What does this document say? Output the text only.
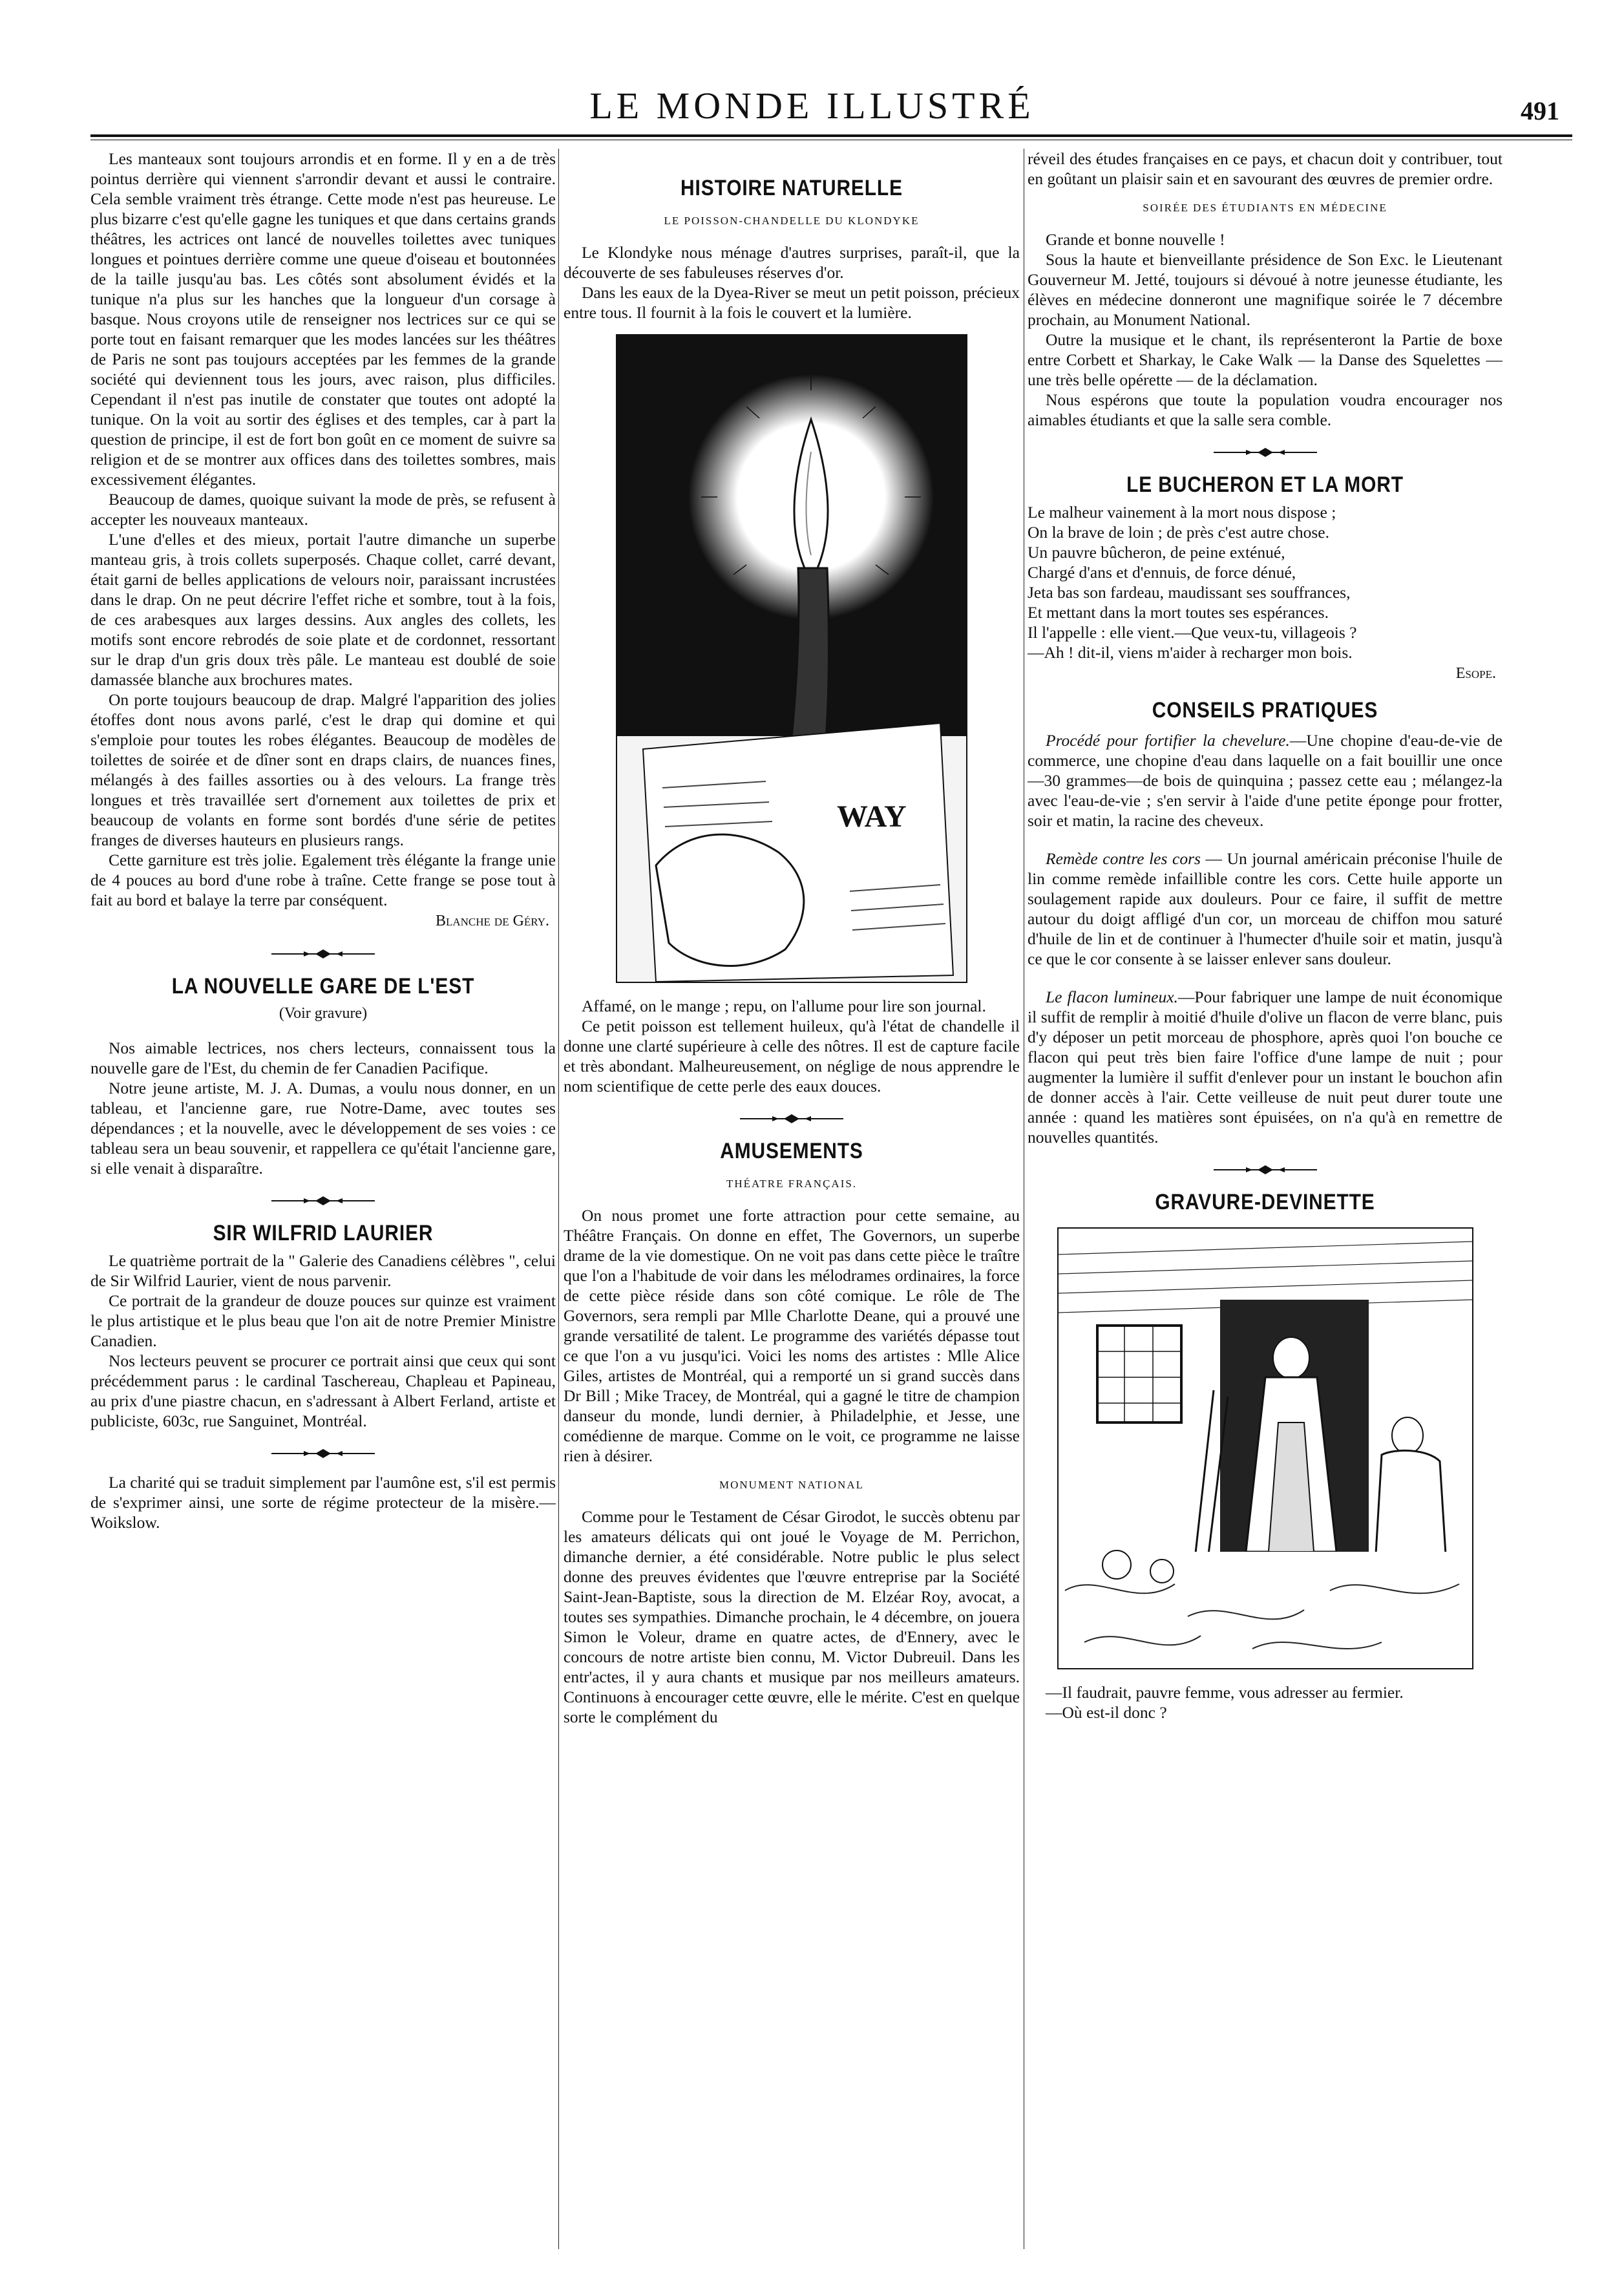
LE MONDE ILLUSTRÉ	491

Les manteaux sont toujours arrondis et en forme. Il y en a de très pointus derrière qui viennent s'arrondir devant et aussi le contraire. Cela semble vraiment très étrange. Cette mode n'est pas heureuse. Le plus bizarre c'est qu'elle gagne les tuniques et que dans certains grands théâtres, les actrices ont lancé de nouvelles toilettes avec tuniques longues et pointues derrière comme une queue d'oiseau et boutonnées de la taille jusqu'au bas. Les côtés sont absolument évidés et la tunique n'a plus sur les hanches que la longueur d'un corsage à basque. Nous croyons utile de renseigner nos lectrices sur ce qui se porte tout en faisant remarquer que les modes lancées sur les théâtres de Paris ne sont pas toujours acceptées par les femmes de la grande société qui deviennent tous les jours, avec raison, plus difficiles. Cependant il n'est pas inutile de constater que toutes ont adopté la tunique. On la voit au sortir des églises et des temples, car à part la question de principe, il est de fort bon goût en ce moment de suivre sa religion et de se montrer aux offices dans des toilettes sombres, mais excessivement élégantes.

Beaucoup de dames, quoique suivant la mode de près, se refusent à accepter les nouveaux manteaux.

L'une d'elles et des mieux, portait l'autre dimanche un superbe manteau gris, à trois collets superposés. Chaque collet, carré devant, était garni de belles applications de velours noir, paraissant incrustées dans le drap. On ne peut décrire l'effet riche et sombre, tout à la fois, de ces arabesques aux larges dessins. Aux angles des collets, les motifs sont encore rebrodés de soie plate et de cordonnet, ressortant sur le drap d'un gris doux très pâle. Le manteau est doublé de soie damassée blanche aux brochures mates.

On porte toujours beaucoup de drap. Malgré l'apparition des jolies étoffes dont nous avons parlé, c'est le drap qui domine et qui s'emploie pour toutes les robes élégantes. Beaucoup de modèles de toilettes de soirée et de dîner sont en draps clairs, de nuances fines, mélangés à des failles assorties ou à des velours. La frange très longues et très travaillée sert d'ornement aux toilettes de prix et beaucoup de volants en forme sont bordés d'une série de petites franges de diverses hauteurs en plusieurs rangs.

Cette garniture est très jolie. Egalement très élégante la frange unie de 4 pouces au bord d'une robe à traîne. Cette frange se pose tout à fait au bord et balaye la terre par conséquent.

Blanche de Géry.
LA NOUVELLE GARE DE L'EST
(Voir gravure)

Nos aimable lectrices, nos chers lecteurs, connaissent tous la nouvelle gare de l'Est, du chemin de fer Canadien Pacifique.

Notre jeune artiste, M. J. A. Dumas, a voulu nous donner, en un tableau, et l'ancienne gare, rue Notre-Dame, avec toutes ses dépendances ; et la nouvelle, avec le développement de ses voies : ce tableau sera un beau souvenir, et rappellera ce qu'était l'ancienne gare, si elle venait à disparaître.

SIR WILFRID LAURIER

Le quatrième portrait de la " Galerie des Canadiens célèbres ", celui de Sir Wilfrid Laurier, vient de nous parvenir.

Ce portrait de la grandeur de douze pouces sur quinze est vraiment le plus artistique et le plus beau que l'on ait de notre Premier Ministre Canadien.

Nos lecteurs peuvent se procurer ce portrait ainsi que ceux qui sont précédemment parus : le cardinal Taschereau, Chapleau et Papineau, au prix d'une piastre chacun, en s'adressant à Albert Ferland, artiste et publiciste, 603c, rue Sanguinet, Montréal.

La charité qui se traduit simplement par l'aumône est, s'il est permis de s'exprimer ainsi, une sorte de régime protecteur de la misère.—Woikslow.

HISTOIRE NATURELLE
LE POISSON-CHANDELLE DU KLONDYKE

Le Klondyke nous ménage d'autres surprises, paraît-il, que la découverte de ses fabuleuses réserves d'or.

Dans les eaux de la Dyea-River se meut un petit poisson, précieux entre tous. Il fournit à la fois le couvert et la lumière.

WAY

Affamé, on le mange ; repu, on l'allume pour lire son journal.

Ce petit poisson est tellement huileux, qu'à l'état de chandelle il donne une clarté supérieure à celle des nôtres. Il est de capture facile et très abondant. Malheureusement, on néglige de nous apprendre le nom scientifique de cette perle des eaux douces.

AMUSEMENTS
THÉATRE FRANÇAIS.

On nous promet une forte attraction pour cette semaine, au Théâtre Français. On donne en effet, The Governors, un superbe drame de la vie domestique. On ne voit pas dans cette pièce le traître que l'on a l'habitude de voir dans les mélodrames ordinaires, la force de cette pièce réside dans son côté comique. Le rôle de The Governors, sera rempli par Mlle Charlotte Deane, qui a prouvé une grande versatilité de talent. Le programme des variétés dépasse tout ce que l'on a vu jusqu'ici. Voici les noms des artistes : Mlle Alice Giles, artistes de Montréal, qui a remporté un si grand succès dans Dr Bill ; Mike Tracey, de Montréal, qui a gagné le titre de champion danseur du monde, lundi dernier, à Philadelphie, et Jesse, une comédienne de marque. Comme on le voit, ce programme ne laisse rien à désirer.

MONUMENT NATIONAL

Comme pour le Testament de César Girodot, le succès obtenu par les amateurs délicats qui ont joué le Voyage de M. Perrichon, dimanche dernier, a été considérable. Notre public le plus select donne des preuves évidentes que l'œuvre entreprise par la Société Saint-Jean-Baptiste, sous la direction de M. Elzéar Roy, avocat, a toutes ses sympathies. Dimanche prochain, le 4 décembre, on jouera Simon le Voleur, drame en quatre actes, de d'Ennery, avec le concours de notre artiste bien connu, M. Victor Dubreuil. Dans les entr'actes, il y aura chants et musique par nos meilleurs amateurs. Continuons à encourager cette œuvre, elle le mérite. C'est en quelque sorte le complément du

réveil des études françaises en ce pays, et chacun doit y contribuer, tout en goûtant un plaisir sain et en savourant des œuvres de premier ordre.

SOIRÉE DES ÉTUDIANTS EN MÉDECINE

Grande et bonne nouvelle !

Sous la haute et bienveillante présidence de Son Exc. le Lieutenant Gouverneur M. Jetté, toujours si dévoué à notre jeunesse étudiante, les élèves en médecine donneront une magnifique soirée le 7 décembre prochain, au Monument National.

Outre la musique et le chant, ils représenteront la Partie de boxe entre Corbett et Sharkay, le Cake Walk — la Danse des Squelettes — une très belle opérette — de la déclamation.

Nous espérons que toute la population voudra encourager nos aimables étudiants et que la salle sera comble.

LE BUCHERON ET LA MORT

Le malheur vainement à la mort nous dispose ;

On la brave de loin ; de près c'est autre chose.

Un pauvre bûcheron, de peine exténué,

Chargé d'ans et d'ennuis, de force dénué,

Jeta bas son fardeau, maudissant ses souffrances,

Et mettant dans la mort toutes ses espérances.

Il l'appelle : elle vient.—Que veux-tu, villageois ?

—Ah ! dit-il, viens m'aider à recharger mon bois.

Esope.
CONSEILS PRATIQUES

Procédé pour fortifier la chevelure.—Une chopine d'eau-de-vie de commerce, une chopine d'eau dans laquelle on a fait bouillir une once—30 grammes—de bois de quinquina ; passez cette eau ; mélangez-la avec l'eau-de-vie ; s'en servir à l'aide d'une petite éponge pour frotter, soir et matin, la racine des cheveux.

Remède contre les cors — Un journal américain préconise l'huile de lin comme remède infaillible contre les cors. Cette huile apporte un soulagement rapide aux douleurs. Pour ce faire, il suffit de mettre autour du doigt affligé d'un cor, un morceau de chiffon mou saturé d'huile de lin et de continuer à l'humecter d'huile soir et matin, jusqu'à ce que le cor consente à se laisser enlever sans douleur.

Le flacon lumineux.—Pour fabriquer une lampe de nuit économique il suffit de remplir à moitié d'huile d'olive un flacon de verre blanc, puis d'y déposer un petit morceau de phosphore, après quoi l'on bouche ce flacon qui peut très bien faire l'office d'une lampe de nuit ; pour augmenter la lumière il suffit d'enlever pour un instant le bouchon afin de donner accès à l'air. Cette veilleuse de nuit peut durer toute une année : quand les matières sont épuisées, on n'a qu'à en remettre de nouvelles quantités.

GRAVURE-DEVINETTE

—Il faudrait, pauvre femme, vous adresser au fermier.

—Où est-il donc ?
